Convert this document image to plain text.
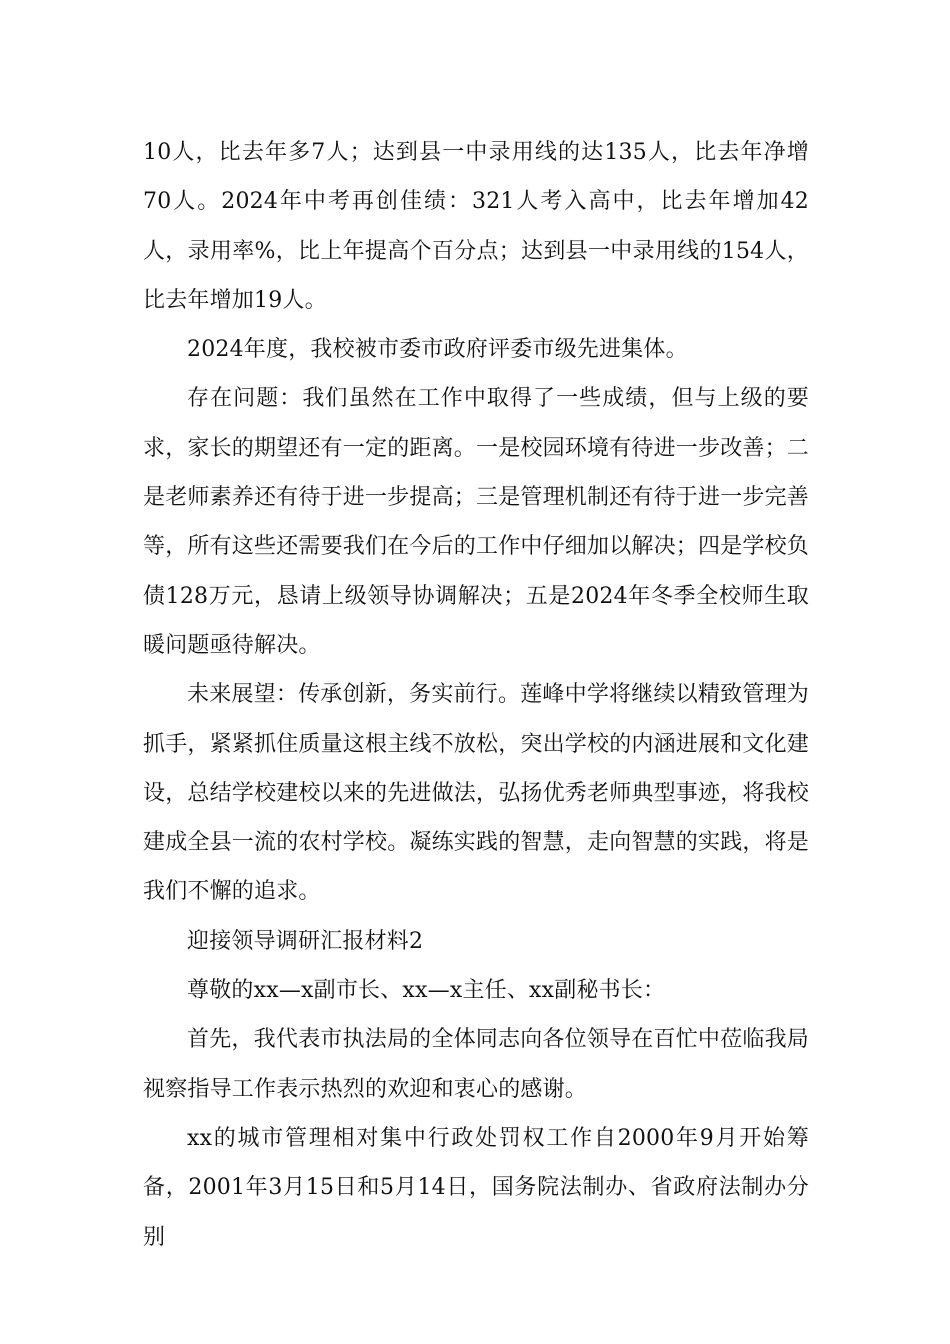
10人，比去年多7人；达到县一中录用线的达135人，比去年净增70人。2024年中考再创佳绩：321人考入高中，比去年增加42人，录用率%，比上年提高个百分点；达到县一中录用线的154人，比去年增加19人。

2024年度，我校被市委市政府评委市级先进集体。

存在问题：我们虽然在工作中取得了一些成绩，但与上级的要求，家长的期望还有一定的距离。一是校园环境有待进一步改善；二是老师素养还有待于进一步提高；三是管理机制还有待于进一步完善等，所有这些还需要我们在今后的工作中仔细加以解决；四是学校负债128万元，恳请上级领导协调解决；五是2024年冬季全校师生取暖问题亟待解决。

未来展望：传承创新，务实前行。莲峰中学将继续以精致管理为抓手，紧紧抓住质量这根主线不放松，突出学校的内涵进展和文化建设，总结学校建校以来的先进做法，弘扬优秀老师典型事迹，将我校建成全县一流的农村学校。凝练实践的智慧，走向智慧的实践，将是我们不懈的追求。

迎接领导调研汇报材料2

尊敬的xx—x副市长、xx—x主任、xx副秘书长：

首先，我代表市执法局的全体同志向各位领导在百忙中莅临我局视察指导工作表示热烈的欢迎和衷心的感谢。

xx的城市管理相对集中行政处罚权工作自2000年9月开始筹备，2001年3月15日和5月14日，国务院法制办、省政府法制办分别
